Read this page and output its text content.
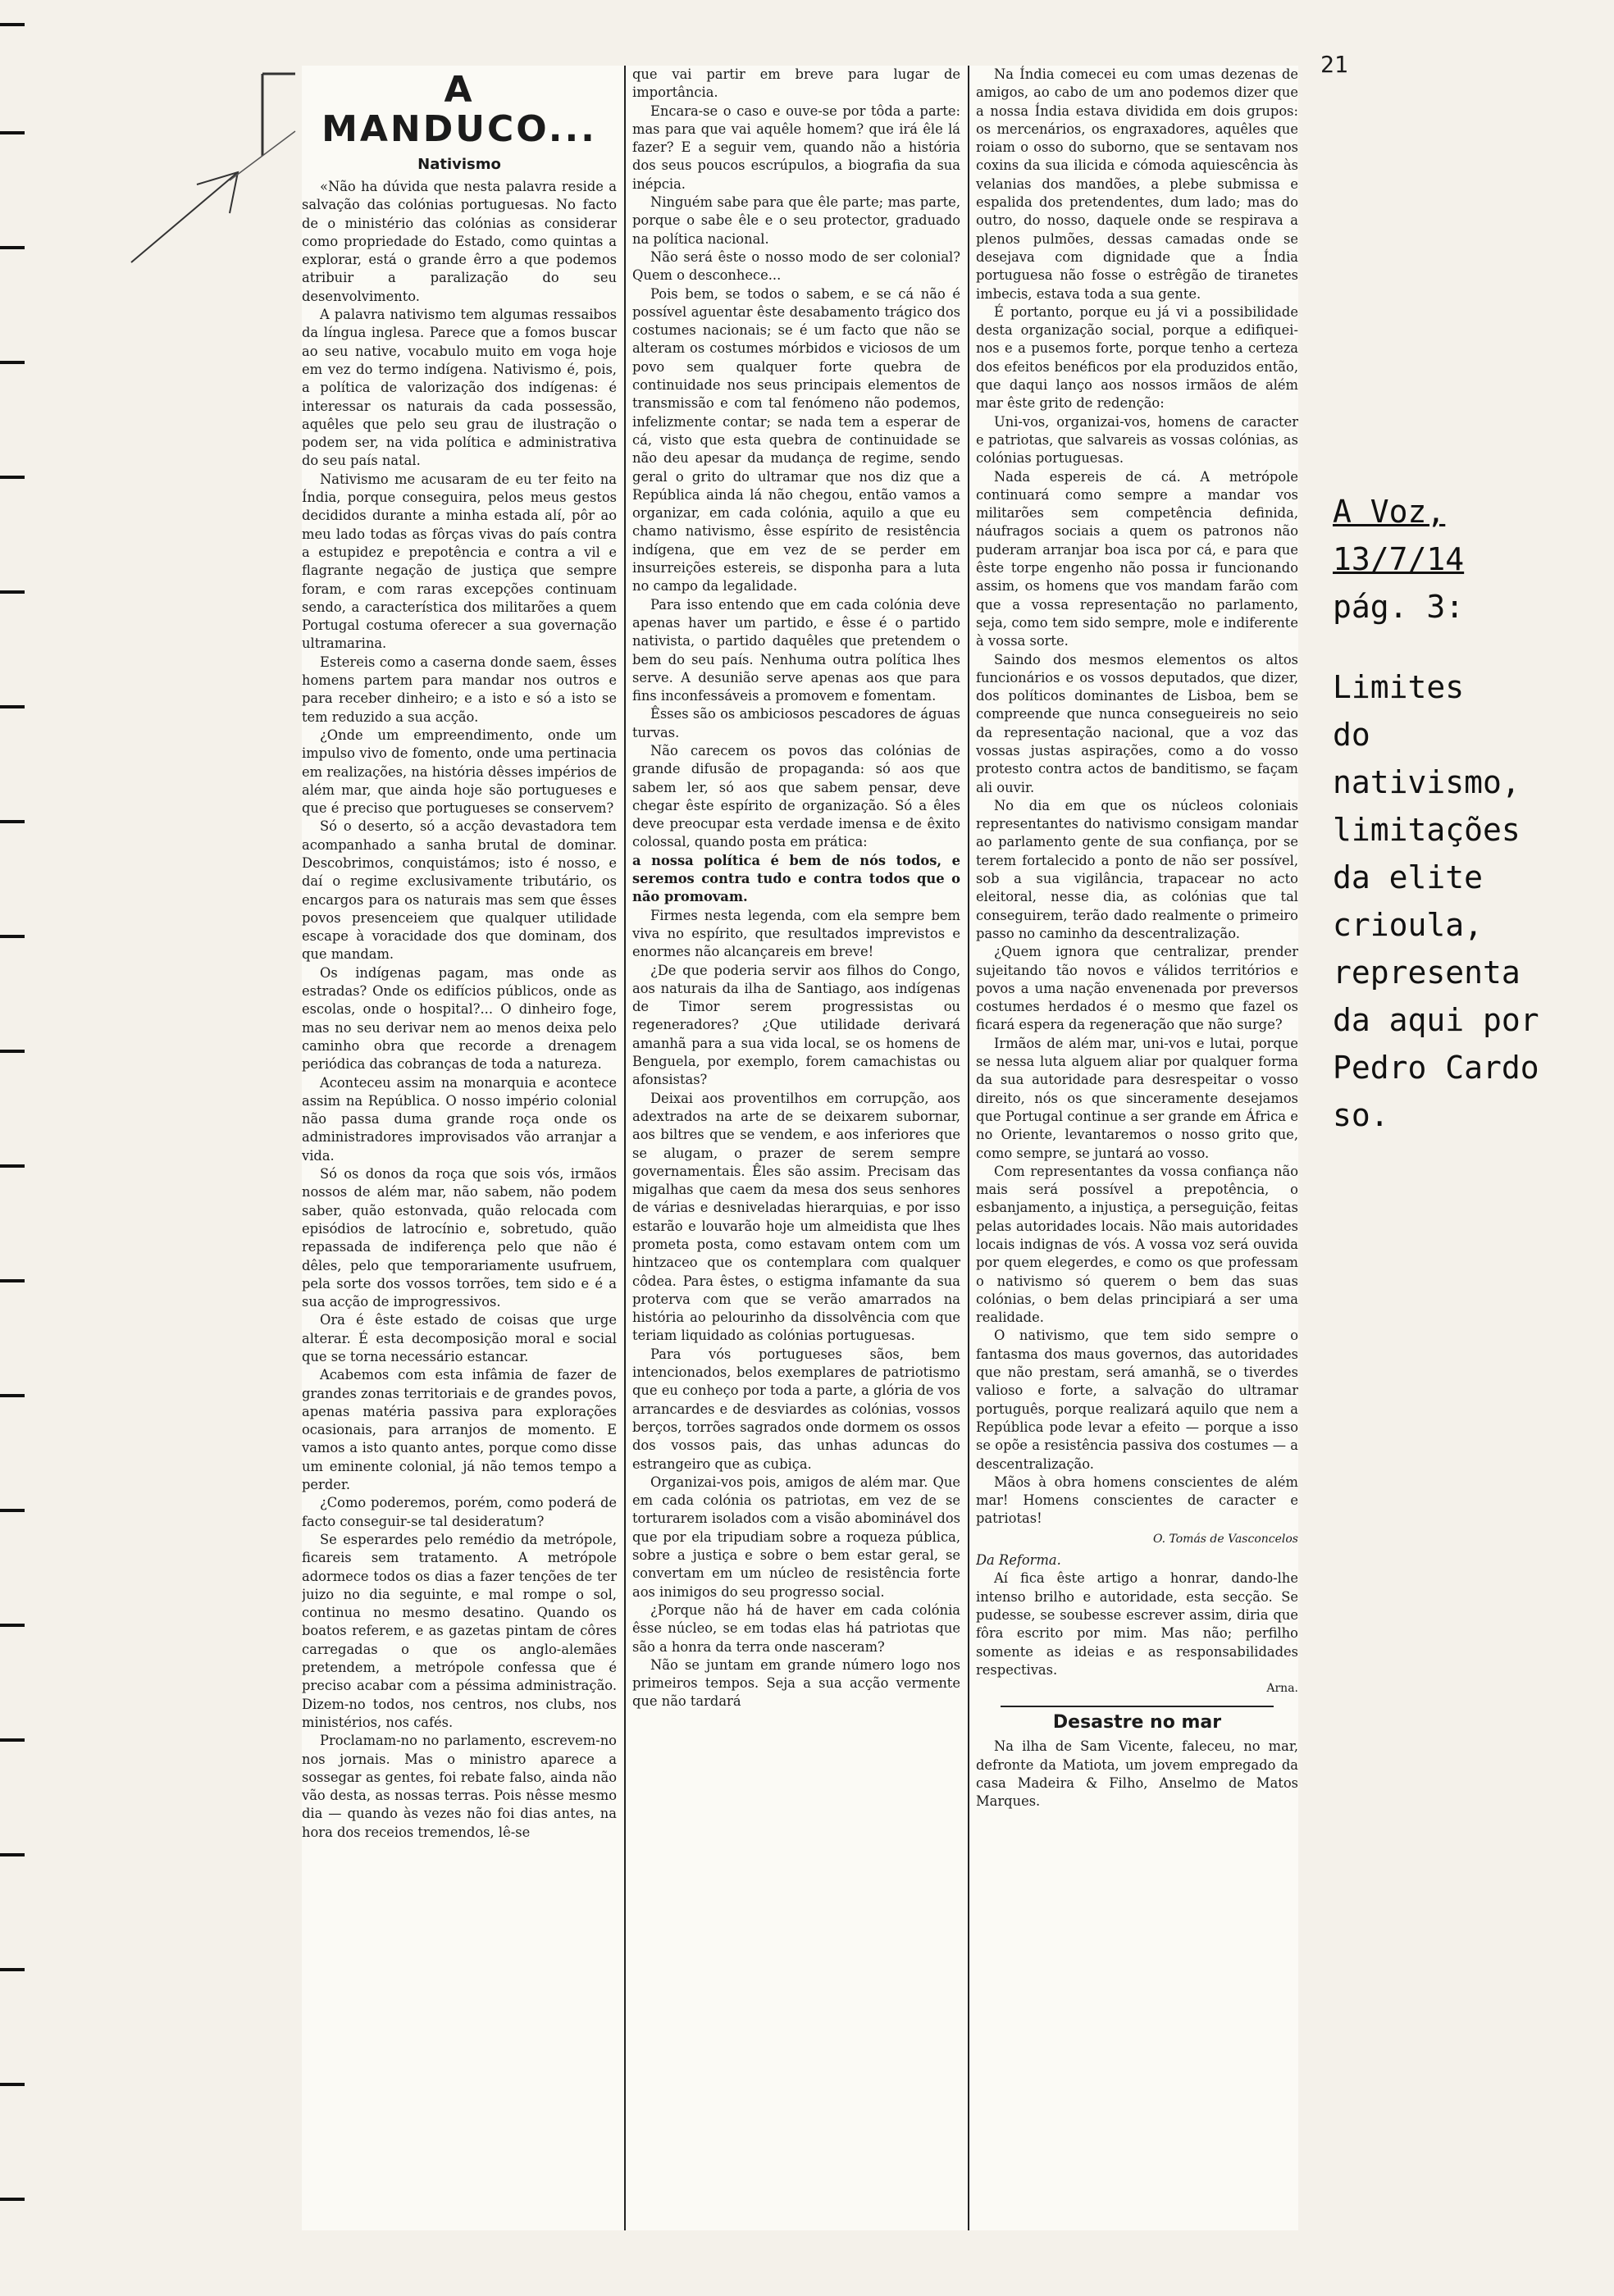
21
A MANDUCO...
Nativismo

«Não ha dúvida que nesta palavra reside a salvação das colónias portuguesas. No facto de o ministério das colónias as considerar como propriedade do Estado, como quintas a explorar, está o grande êrro a que podemos atribuir a paralização do seu desenvolvimento.

A palavra nativismo tem algumas ressaibos da língua inglesa. Parece que a fomos buscar ao seu native, vocabulo muito em voga hoje em vez do termo indígena. Nativismo é, pois, a política de valorização dos indígenas: é interessar os naturais da cada possessão, aquêles que pelo seu grau de ilustração o podem ser, na vida política e administrativa do seu país natal.

Nativismo me acusaram de eu ter feito na Índia, porque conseguira, pelos meus gestos decididos durante a minha estada alí, pôr ao meu lado todas as fôrças vivas do país contra a estupidez e prepotência e contra a vil e flagrante negação de justiça que sempre foram, e com raras excepções continuam sendo, a característica dos militarões a quem Portugal costuma oferecer a sua governação ultramarina.

Estereis como a caserna donde saem, êsses homens partem para mandar nos outros e para receber dinheiro; e a isto e só a isto se tem reduzido a sua acção.

¿Onde um empreendimento, onde um impulso vivo de fomento, onde uma pertinacia em realizações, na história dêsses impérios de além mar, que ainda hoje são portugueses e que é preciso que portugueses se conservem?

Só o deserto, só a acção devastadora tem acompanhado a sanha brutal de dominar. Descobrimos, conquistámos; isto é nosso, e daí o regime exclusivamente tributário, os encargos para os naturais mas sem que êsses povos presenceiem que qualquer utilidade escape à voracidade dos que dominam, dos que mandam.

Os indígenas pagam, mas onde as estradas? Onde os edifícios públicos, onde as escolas, onde o hospital?... O dinheiro foge, mas no seu derivar nem ao menos deixa pelo caminho obra que recorde a drenagem periódica das cobranças de toda a natureza.

Aconteceu assim na monarquia e acontece assim na República. O nosso império colonial não passa duma grande roça onde os administradores improvisados vão arranjar a vida.

Só os donos da roça que sois vós, irmãos nossos de além mar, não sabem, não podem saber, quão estonvada, quão relocada com episódios de latrocínio e, sobretudo, quão repassada de indiferença pelo que não é dêles, pelo que temporariamente usufruem, pela sorte dos vossos torrões, tem sido e é a sua acção de improgressivos.

Ora é êste estado de coisas que urge alterar. É esta decomposição moral e social que se torna necessário estancar.

Acabemos com esta infâmia de fazer de grandes zonas territoriais e de grandes povos, apenas matéria passiva para explorações ocasionais, para arranjos de momento. E vamos a isto quanto antes, porque como disse um eminente colonial, já não temos tempo a perder.

¿Como poderemos, porém, como poderá de facto conseguir-se tal desideratum?

Se esperardes pelo remédio da metrópole, ficareis sem tratamento. A metrópole adormece todos os dias a fazer tenções de ter juizo no dia seguinte, e mal rompe o sol, continua no mesmo desatino. Quando os boatos referem, e as gazetas pintam de côres carregadas o que os anglo-alemães pretendem, a metrópole confessa que é preciso acabar com a péssima administração. Dizem-no todos, nos centros, nos clubs, nos ministérios, nos cafés.

Proclamam-no no parlamento, escrevem-no nos jornais. Mas o ministro aparece a sossegar as gentes, foi rebate falso, ainda não vão desta, as nossas terras. Pois nêsse mesmo dia — quando às vezes não foi dias antes, na hora dos receios tremendos, lê-se

que vai partir em breve para lugar de importância.

Encara-se o caso e ouve-se por tôda a parte: mas para que vai aquêle homem? que irá êle lá fazer? E a seguir vem, quando não a história dos seus poucos escrúpulos, a biografia da sua inépcia.

Ninguém sabe para que êle parte; mas parte, porque o sabe êle e o seu protector, graduado na política nacional.

Não será êste o nosso modo de ser colonial? Quem o desconhece...

Pois bem, se todos o sabem, e se cá não é possível aguentar êste desabamento trágico dos costumes nacionais; se é um facto que não se alteram os costumes mórbidos e viciosos de um povo sem qualquer forte quebra de continuidade nos seus principais elementos de transmissão e com tal fenómeno não podemos, infelizmente contar; se nada tem a esperar de cá, visto que esta quebra de continuidade se não deu apesar da mudança de regime, sendo geral o grito do ultramar que nos diz que a República ainda lá não chegou, então vamos a organizar, em cada colónia, aquilo a que eu chamo nativismo, êsse espírito de resistência indígena, que em vez de se perder em insurreições estereis, se disponha para a luta no campo da legalidade.

Para isso entendo que em cada colónia deve apenas haver um partido, e êsse é o partido nativista, o partido daquêles que pretendem o bem do seu país. Nenhuma outra política lhes serve. A desunião serve apenas aos que para fins inconfessáveis a promovem e fomentam.

Êsses são os ambiciosos pescadores de águas turvas.

Não carecem os povos das colónias de grande difusão de propaganda: só aos que sabem ler, só aos que sabem pensar, deve chegar êste espírito de organização. Só a êles deve preocupar esta verdade imensa e de êxito colossal, quando posta em prática:

a nossa política é bem de nós todos, e seremos contra tudo e contra todos que o não promovam.

Firmes nesta legenda, com ela sempre bem viva no espírito, que resultados imprevistos e enormes não alcançareis em breve!

¿De que poderia servir aos filhos do Congo, aos naturais da ilha de Santiago, aos indígenas de Timor serem progressistas ou regeneradores? ¿Que utilidade derivará amanhã para a sua vida local, se os homens de Benguela, por exemplo, forem camachistas ou afonsistas?

Deixai aos proventilhos em corrupção, aos adextrados na arte de se deixarem subornar, aos biltres que se vendem, e aos inferiores que se alugam, o prazer de serem sempre governamentais. Êles são assim. Precisam das migalhas que caem da mesa dos seus senhores de várias e desniveladas hierarquias, e por isso estarão e louvarão hoje um almeidista que lhes prometa posta, como estavam ontem com um hintzaceo que os contemplara com qualquer côdea. Para êstes, o estigma infamante da sua proterva com que se verão amarrados na história ao pelourinho da dissolvência com que teriam liquidado as colónias portuguesas.

Para vós portugueses sãos, bem intencionados, belos exemplares de patriotismo que eu conheço por toda a parte, a glória de vos arrancardes e de desviardes as colónias, vossos berços, torrões sagrados onde dormem os ossos dos vossos pais, das unhas aduncas do estrangeiro que as cubiça.

Organizai-vos pois, amigos de além mar. Que em cada colónia os patriotas, em vez de se torturarem isolados com a visão abominável dos que por ela tripudiam sobre a roqueza pública, sobre a justiça e sobre o bem estar geral, se convertam em um núcleo de resistência forte aos inimigos do seu progresso social.

¿Porque não há de haver em cada colónia êsse núcleo, se em todas elas há patriotas que são a honra da terra onde nasceram?

Não se juntam em grande número logo nos primeiros tempos. Seja a sua acção vermente que não tardará

Na Índia comecei eu com umas dezenas de amigos, ao cabo de um ano podemos dizer que a nossa Índia estava dividida em dois grupos: os mercenários, os engraxadores, aquêles que roiam o osso do suborno, que se sentavam nos coxins da sua ilicida e cómoda aquiescência às velanias dos mandões, a plebe submissa e espalida dos pretendentes, dum lado; mas do outro, do nosso, daquele onde se respirava a plenos pulmões, dessas camadas onde se desejava com dignidade que a Índia portuguesa não fosse o estrêgão de tiranetes imbecis, estava toda a sua gente.

É portanto, porque eu já vi a possibilidade desta organização social, porque a edifiquei-nos e a pusemos forte, porque tenho a certeza dos efeitos benéficos por ela produzidos então, que daqui lanço aos nossos irmãos de além mar êste grito de redenção:

Uni-vos, organizai-vos, homens de caracter e patriotas, que salvareis as vossas colónias, as colónias portuguesas.

Nada espereis de cá. A metrópole continuará como sempre a mandar vos militarões sem competência definida, náufragos sociais a quem os patronos não puderam arranjar boa isca por cá, e para que êste torpe engenho não possa ir funcionando assim, os homens que vos mandam farão com que a vossa representação no parlamento, seja, como tem sido sempre, mole e indiferente à vossa sorte.

Saindo dos mesmos elementos os altos funcionários e os vossos deputados, que dizer, dos políticos dominantes de Lisboa, bem se compreende que nunca consegueireis no seio da representação nacional, que a voz das vossas justas aspirações, como a do vosso protesto contra actos de banditismo, se façam ali ouvir.

No dia em que os núcleos coloniais representantes do nativismo consigam mandar ao parlamento gente de sua confiança, por se terem fortalecido a ponto de não ser possível, sob a sua vigilância, trapacear no acto eleitoral, nesse dia, as colónias que tal conseguirem, terão dado realmente o primeiro passo no caminho da descentralização.

¿Quem ignora que centralizar, prender sujeitando tão novos e válidos territórios e povos a uma nação envenenada por preversos costumes herdados é o mesmo que fazel os ficará espera da regeneração que não surge?

Irmãos de além mar, uni-vos e lutai, porque se nessa luta alguem aliar por qualquer forma da sua autoridade para desrespeitar o vosso direito, nós os que sinceramente desejamos que Portugal continue a ser grande em África e no Oriente, levantaremos o nosso grito que, como sempre, se juntará ao vosso.

Com representantes da vossa confiança não mais será possível a prepotência, o esbanjamento, a injustiça, a perseguição, feitas pelas autoridades locais. Não mais autoridades locais indignas de vós. A vossa voz será ouvida por quem elegerdes, e como os que professam o nativismo só querem o bem das suas colónias, o bem delas principiará a ser uma realidade.

O nativismo, que tem sido sempre o fantasma dos maus governos, das autoridades que não prestam, será amanhã, se o tiverdes valioso e forte, a salvação do ultramar português, porque realizará aquilo que nem a República pode levar a efeito — porque a isso se opõe a resistência passiva dos costumes — a descentralização.

Mãos à obra homens conscientes de além mar! Homens conscientes de caracter e patriotas!

O. Tomás de Vasconcelos

Da Reforma.

Aí fica êste artigo a honrar, dando-lhe intenso brilho e autoridade, esta secção. Se pudesse, se soubesse escrever assim, diria que fôra escrito por mim. Mas não; perfilho somente as ideias e as responsabilidades respectivas.

Arna.

Desastre no mar

Na ilha de Sam Vicente, faleceu, no mar, defronte da Matiota, um jovem empregado da casa Madeira & Filho, Anselmo de Matos Marques.

A Voz,
13/7/14
pág. 3:
Limites
do
nativismo,
limitações
da elite
crioula,
representa
da aqui por
Pedro Cardo
so.
